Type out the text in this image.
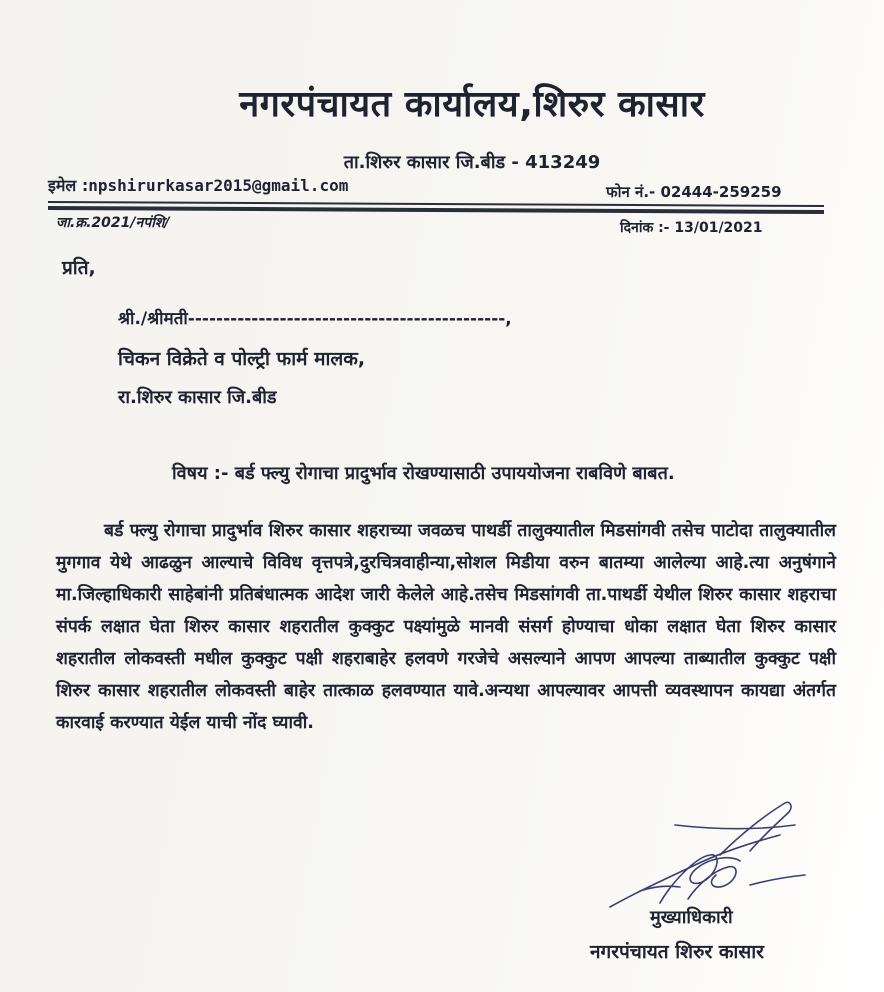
नगरपंचायत कार्यालय,शिरुर कासार
ता.शिरुर कासार जि.बीड - 413249
इमेल :npshirurkasar2015@gmail.com	फोन नं.- 02444-259259
जा.क्र.2021/नपंशि/	दिनांक :- 13/01/2021
प्रति,
श्री./श्रीमती---------------------------------------------,
चिकन विक्रेते व पोल्ट्री फार्म मालक,
रा.शिरुर कासार जि.बीड
विषय :- बर्ड फ्ल्यु रोगाचा प्रादुर्भाव रोखण्यासाठी उपाययोजना राबविणे बाबत.
बर्ड फ्ल्यु रोगाचा प्रादुर्भाव शिरुर कासार शहराच्या जवळच पाथर्डी तालुक्यातील मिडसांगवी तसेच पाटोदा तालुक्यातील मुगगाव येथे आढळुन आल्याचे विविध वृत्तपत्रे,दुरचित्रवाहीन्या,सोशल मिडीया वरुन बातम्या आलेल्या आहे.त्या अनुषंगाने मा.जिल्हाधिकारी साहेबांनी प्रतिबंधात्मक आदेश जारी केलेले आहे.तसेच मिडसांगवी ता.पाथर्डी येथील शिरुर कासार शहराचा संपर्क लक्षात घेता शिरुर कासार शहरातील कुक्कुट पक्ष्यांमुळे मानवी संसर्ग होण्याचा धोका लक्षात घेता शिरुर कासार शहरातील लोकवस्ती मधील कुक्कुट पक्षी शहराबाहेर हलवणे गरजेचे असल्याने आपण आपल्या ताब्यातील कुक्कुट पक्षी शिरुर कासार शहरातील लोकवस्ती बाहेर तात्काळ हलवण्यात यावे.अन्यथा आपल्यावर आपत्ती व्यवस्थापन कायद्या अंतर्गत कारवाई करण्यात येईल याची नोंद घ्यावी.
मुख्याधिकारी
नगरपंचायत शिरुर कासार
